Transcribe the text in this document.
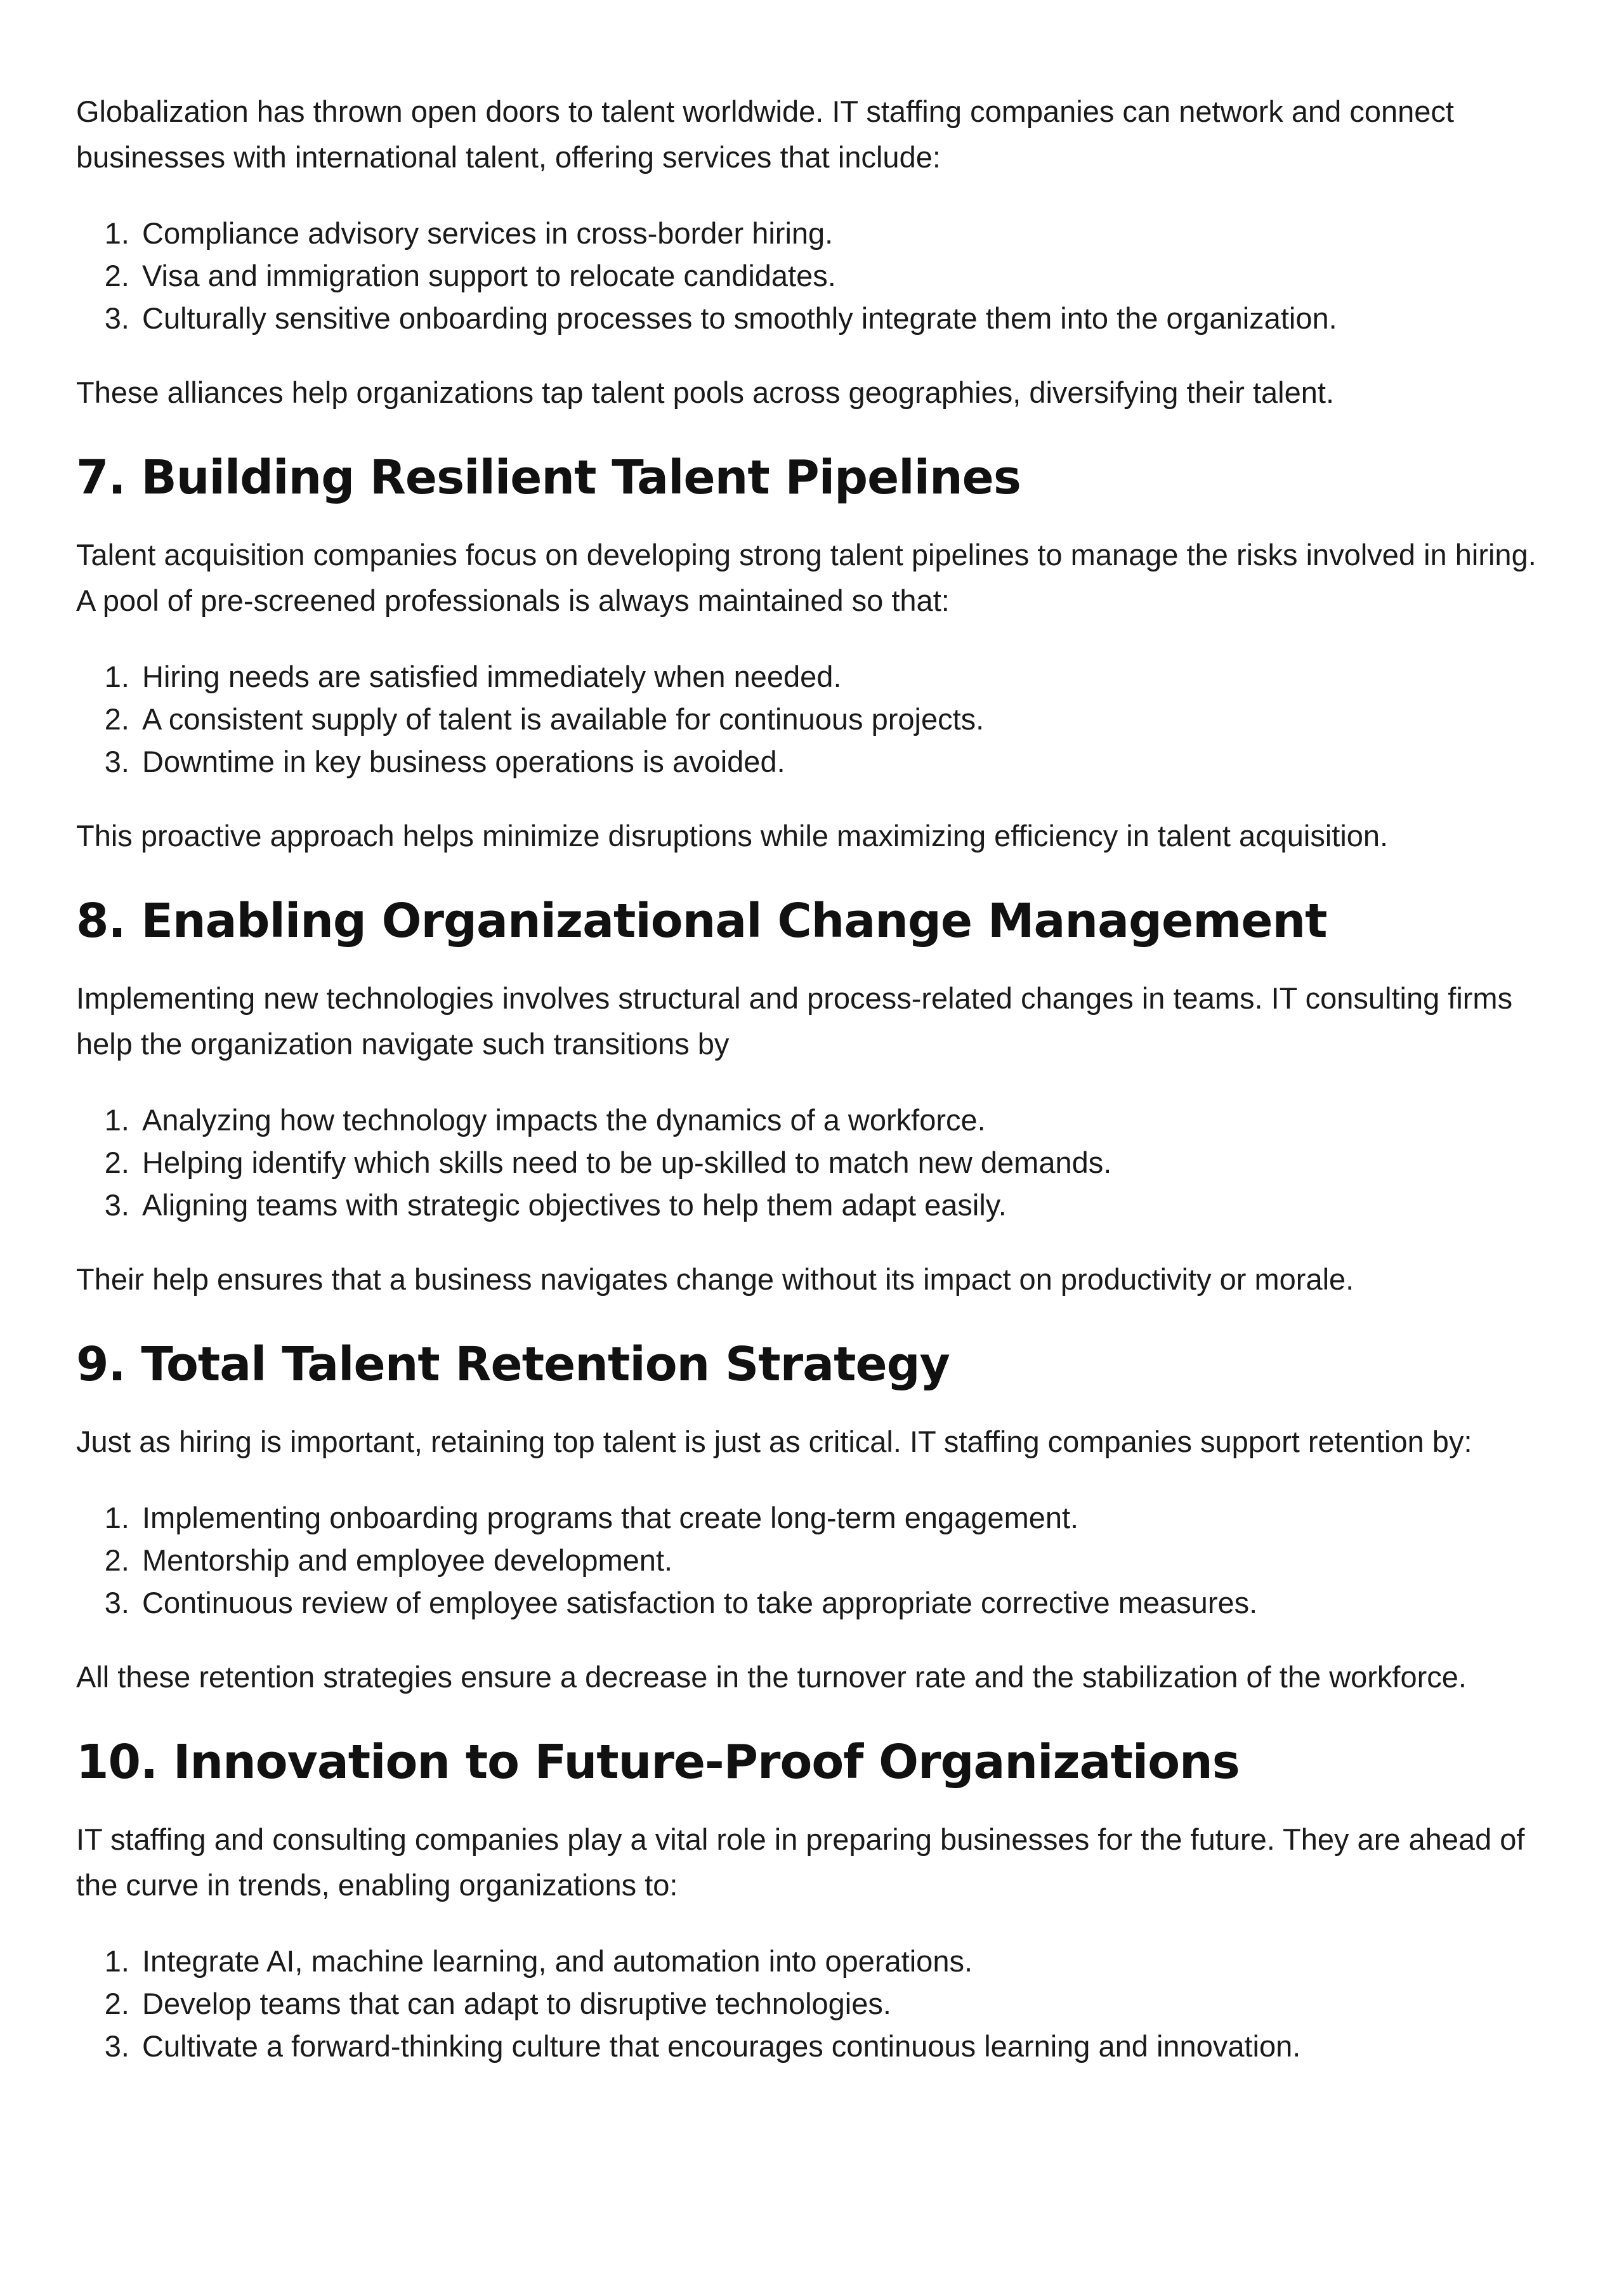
Globalization has thrown open doors to talent worldwide. IT staffing companies can network and connect businesses with international talent, offering services that include:

1. Compliance advisory services in cross-border hiring.
2. Visa and immigration support to relocate candidates.
3. Culturally sensitive onboarding processes to smoothly integrate them into the organization.

These alliances help organizations tap talent pools across geographies, diversifying their talent.

7. Building Resilient Talent Pipelines

Talent acquisition companies focus on developing strong talent pipelines to manage the risks involved in hiring. A pool of pre-screened professionals is always maintained so that:

1. Hiring needs are satisfied immediately when needed.
2. A consistent supply of talent is available for continuous projects.
3. Downtime in key business operations is avoided.

This proactive approach helps minimize disruptions while maximizing efficiency in talent acquisition.

8. Enabling Organizational Change Management

Implementing new technologies involves structural and process-related changes in teams. IT consulting firms help the organization navigate such transitions by

1. Analyzing how technology impacts the dynamics of a workforce.
2. Helping identify which skills need to be up-skilled to match new demands.
3. Aligning teams with strategic objectives to help them adapt easily.

Their help ensures that a business navigates change without its impact on productivity or morale.

9. Total Talent Retention Strategy

Just as hiring is important, retaining top talent is just as critical. IT staffing companies support retention by:

1. Implementing onboarding programs that create long-term engagement.
2. Mentorship and employee development.
3. Continuous review of employee satisfaction to take appropriate corrective measures.

All these retention strategies ensure a decrease in the turnover rate and the stabilization of the workforce.

10. Innovation to Future-Proof Organizations

IT staffing and consulting companies play a vital role in preparing businesses for the future. They are ahead of the curve in trends, enabling organizations to:

1. Integrate AI, machine learning, and automation into operations.
2. Develop teams that can adapt to disruptive technologies.
3. Cultivate a forward-thinking culture that encourages continuous learning and innovation.
